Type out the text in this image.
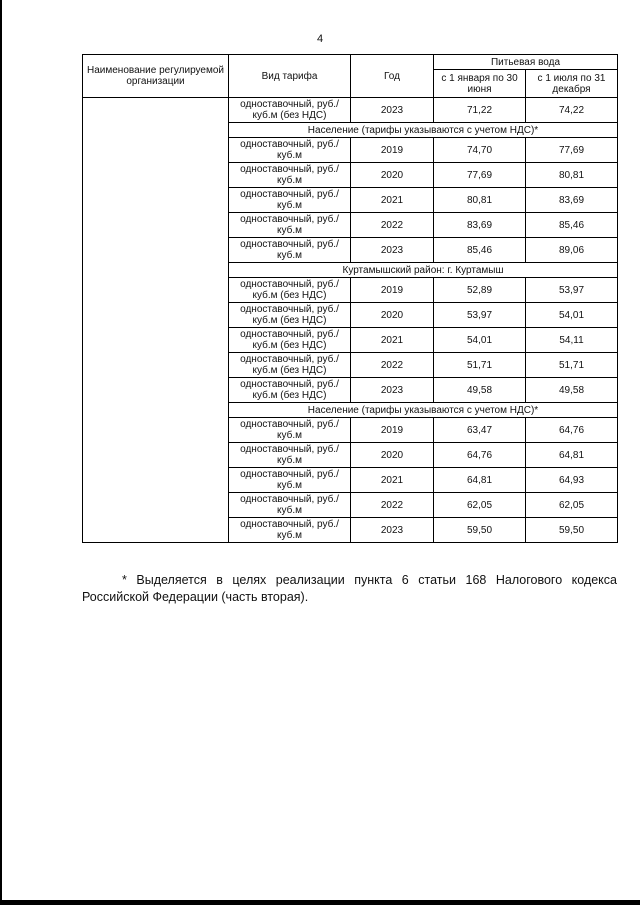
4
Наименование регулируемой организации	Вид тарифа	Год	Питьевая вода	
			с 1 января по 30 июня	с 1 июля по 31 декабря
	одноставочный, руб./куб.м (без НДС)	2023	71,22	74,22
	Население (тарифы указываются с учетом НДС)*			
	одноставочный, руб./куб.м	2019	74,70	77,69
	одноставочный, руб./куб.м	2020	77,69	80,81
	одноставочный, руб./куб.м	2021	80,81	83,69
	одноставочный, руб./куб.м	2022	83,69	85,46
	одноставочный, руб./куб.м	2023	85,46	89,06
	Куртамышский район: г. Куртамыш			
	одноставочный, руб./куб.м (без НДС)	2019	52,89	53,97
	одноставочный, руб./куб.м (без НДС)	2020	53,97	54,01
	одноставочный, руб./куб.м (без НДС)	2021	54,01	54,11
	одноставочный, руб./куб.м (без НДС)	2022	51,71	51,71
	одноставочный, руб./куб.м (без НДС)	2023	49,58	49,58
	Население (тарифы указываются с учетом НДС)*			
	одноставочный, руб./куб.м	2019	63,47	64,76
	одноставочный, руб./куб.м	2020	64,76	64,81
	одноставочный, руб./куб.м	2021	64,81	64,93
	одноставочный, руб./куб.м	2022	62,05	62,05
	одноставочный, руб./куб.м	2023	59,50	59,50
* Выделяется в целях реализации пункта 6 статьи 168 Налогового кодекса Российской Федерации (часть вторая).
